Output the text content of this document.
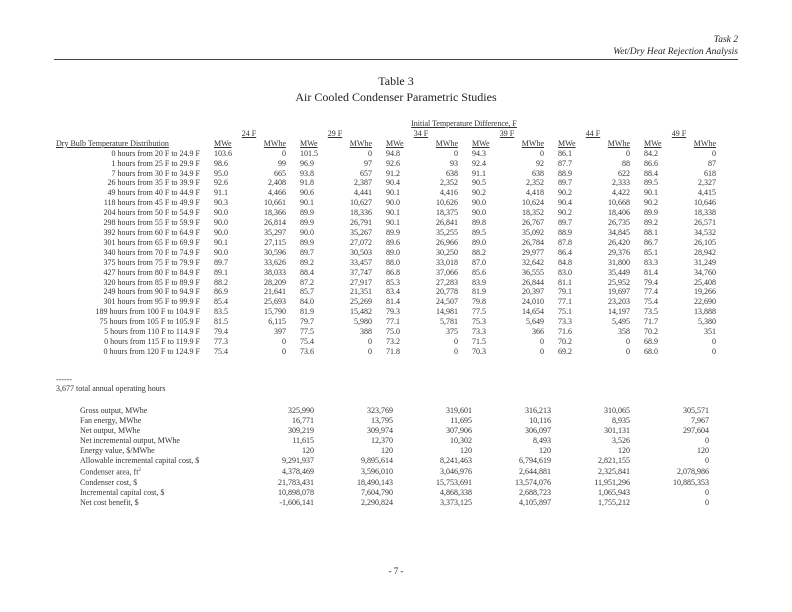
Task 2
Wet/Dry Heat Rejection Analysis
Table 3
Air Cooled Condenser Parametric Studies
					Initial Temperature Difference, F							
	24 F		29 F		34 F		39 F		44 F		49 F	
Dry Bulb Temperature Distribution	MWe	MWhe	MWe	MWhe	MWe	MWhe	MWe	MWhe	MWe	MWhe	MWe	MWhe
0 hours from 20 F to 24.9 F	103.6	0	101.5	0	94.8	0	94.3	0	86.1	0	84.2	0
1 hours from 25 F to 29.9 F	98.6	99	96.9	97	92.6	93	92.4	92	87.7	88	86.6	87
7 hours from 30 F to 34.9 F	95.0	665	93.8	657	91.2	638	91.1	638	88.9	622	88.4	618
26 hours from 35 F to 39.9 F	92.6	2,408	91.8	2,387	90.4	2,352	90.5	2,352	89.7	2,333	89.5	2,327
49 hours from 40 F to 44.9 F	91.1	4,466	90.6	4,441	90.1	4,416	90.2	4,418	90.2	4,422	90.1	4,415
118 hours from 45 F to 49.9 F	90.3	10,661	90.1	10,627	90.0	10,626	90.0	10,624	90.4	10,668	90.2	10,646
204 hours from 50 F to 54.9 F	90.0	18,366	89.9	18,336	90.1	18,375	90.0	18,352	90.2	18,406	89.9	18,338
298 hours from 55 F to 59.9 F	90.0	26,814	89.9	26,791	90.1	26,841	89.8	26,767	89.7	26,735	89.2	26,571
392 hours from 60 F to 64.9 F	90.0	35,297	90.0	35,267	89.9	35,255	89.5	35,092	88.9	34,845	88.1	34,532
301 hours from 65 F to 69.9 F	90.1	27,115	89.9	27,072	89.6	26,966	89.0	26,784	87.8	26,420	86.7	26,105
340 hours from 70 F to 74.9 F	90.0	30,596	89.7	30,503	89.0	30,250	88.2	29,977	86.4	29,376	85.1	28,942
375 hours from 75 F to 79.9 F	89.7	33,626	89.2	33,457	88.0	33,018	87.0	32,642	84.8	31,800	83.3	31,249
427 hours from 80 F to 84.9 F	89.1	38,033	88.4	37,747	86.8	37,066	85.6	36,555	83.0	35,449	81.4	34,760
320 hours from 85 F to 89.9 F	88.2	28,209	87.2	27,917	85.3	27,283	83.9	26,844	81.1	25,952	79.4	25,408
249 hours from 90 F to 94.9 F	86.9	21,641	85.7	21,351	83.4	20,778	81.9	20,397	79.1	19,697	77.4	19,266
301 hours from 95 F to 99.9 F	85.4	25,693	84.0	25,269	81.4	24,507	79.8	24,010	77.1	23,203	75.4	22,690
189 hours from 100 F to 104.9 F	83.5	15,790	81.9	15,482	79.3	14,981	77.5	14,654	75.1	14,197	73.5	13,888
75 hours from 105 F to 105.9 F	81.5	6,115	79.7	5,980	77.1	5,781	75.3	5,649	73.3	5,495	71.7	5,380
5 hours from 110 F to 114.9 F	79.4	397	77.5	388	75.0	375	73.3	366	71.6	358	70.2	351
0 hours from 115 F to 119.9 F	77.3	0	75.4	0	73.2	0	71.5	0	70.2	0	68.9	0
0 hours from 120 F to 124.9 F	75.4	0	73.6	0	71.8	0	70.3	0	69.2	0	68.0	0
------
3,677 total annual operating hours
Gross output, MWhe	325,990	323,769	319,601	316,213	310,065	305,571
Fan energy, MWhe	16,771	13,795	11,695	10,116	8,935	7,967
Net output, MWhe	309,219	309,974	307,906	306,097	301,131	297,604
Net incremental output, MWhe	11,615	12,370	10,302	8,493	3,526	0
Energy value, $/MWhe	120	120	120	120	120	120
Allowable incremental capital cost, $	9,291,937	9,895,614	8,241,463	6,794,619	2,821,155	0
Condenser area, $ft^2$	4,378,469	3,596,010	3,046,976	2,644,881	2,325,841	2,078,986
Condenser cost, $	21,783,431	18,490,143	15,753,691	13,574,076	11,951,296	10,885,353
Incremental capital cost, $	10,898,078	7,604,790	4,868,338	2,688,723	1,065,943	0
Net cost benefit, $	-1,606,141	2,290,824	3,373,125	4,105,897	1,755,212	0
- 7 -
